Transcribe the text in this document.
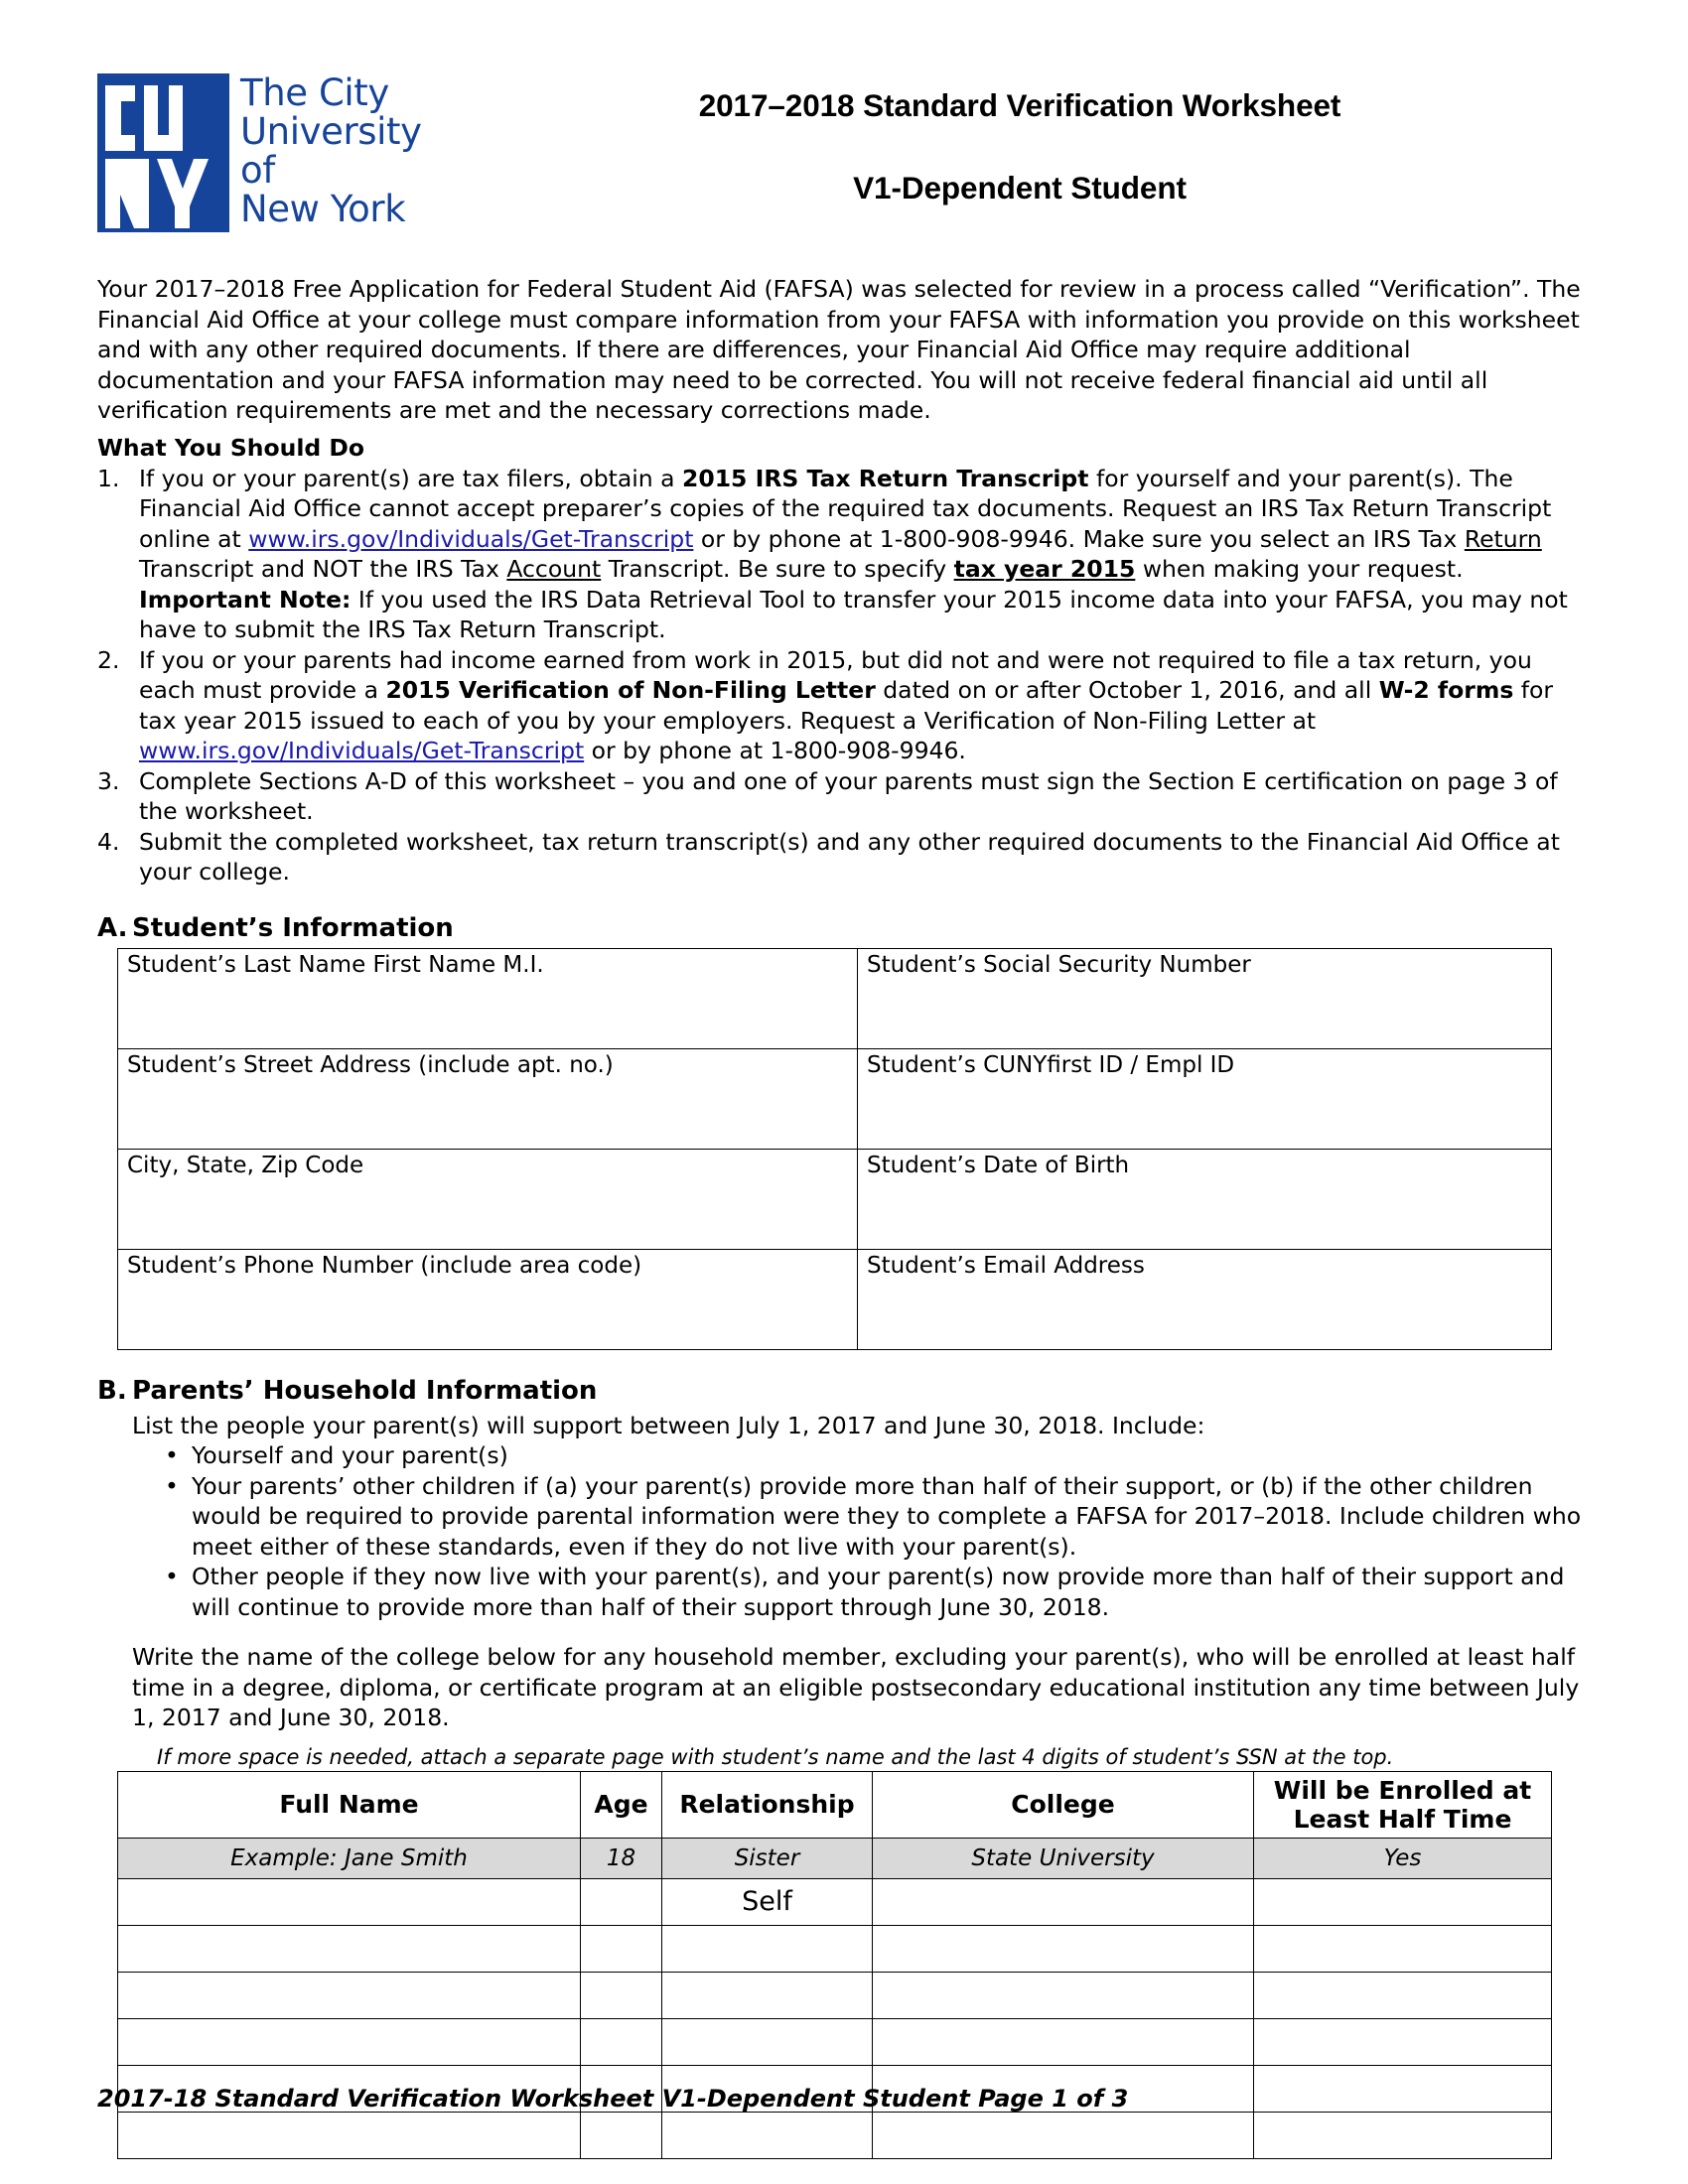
The City
University
of
New York
2017–2018 Standard Verification Worksheet
V1-Dependent Student

Your 2017–2018 Free Application for Federal Student Aid (FAFSA) was selected for review in a process called “Verification”. The Financial Aid Office at your college must compare information from your FAFSA with information you provide on this worksheet and with any other required documents. If there are differences, your Financial Aid Office may require additional documentation and your FAFSA information may need to be corrected. You will not receive federal financial aid until all verification requirements are met and the necessary corrections made.

What You Should Do
1. If you or your parent(s) are tax filers, obtain a 2015 IRS Tax Return Transcript for yourself and your parent(s). The Financial Aid Office cannot accept preparer’s copies of the required tax documents. Request an IRS Tax Return Transcript online at www.irs.gov/Individuals/Get-Transcript or by phone at 1-800-908-9946. Make sure you select an IRS Tax Return Transcript and NOT the IRS Tax Account Transcript. Be sure to specify tax year 2015 when making your request. Important Note: If you used the IRS Data Retrieval Tool to transfer your 2015 income data into your FAFSA, you may not have to submit the IRS Tax Return Transcript.
2. If you or your parents had income earned from work in 2015, but did not and were not required to file a tax return, you each must provide a 2015 Verification of Non-Filing Letter dated on or after October 1, 2016, and all W-2 forms for tax year 2015 issued to each of you by your employers. Request a Verification of Non-Filing Letter at www.irs.gov/Individuals/Get-Transcript or by phone at 1-800-908-9946.
3. Complete Sections A-D of this worksheet – you and one of your parents must sign the Section E certification on page 3 of the worksheet.
4. Submit the completed worksheet, tax return transcript(s) and any other required documents to the Financial Aid Office at your college.
A. Student’s Information
Student’s Last Name First Name M.I.	Student’s Social Security Number

Student’s Street Address (include apt. no.)	Student’s CUNYfirst ID / Empl ID

City, State, Zip Code	Student’s Date of Birth

Student’s Phone Number (include area code)	Student’s Email Address

B. Parents’ Household Information
List the people your parent(s) will support between July 1, 2017 and June 30, 2018. Include:
• Yourself and your parent(s)
• Your parents’ other children if (a) your parent(s) provide more than half of their support, or (b) if the other children would be required to provide parental information were they to complete a FAFSA for 2017–2018. Include children who meet either of these standards, even if they do not live with your parent(s).
• Other people if they now live with your parent(s), and your parent(s) now provide more than half of their support and will continue to provide more than half of their support through June 30, 2018.
Write the name of the college below for any household member, excluding your parent(s), who will be enrolled at least half time in a degree, diploma, or certificate program at an eligible postsecondary educational institution any time between July 1, 2017 and June 30, 2018.
If more space is needed, attach a separate page with student’s name and the last 4 digits of student’s SSN at the top.
Full Name	Age	Relationship	College	Will be Enrolled at Least Half Time
Example: Jane Smith	18	Sister	State University	Yes
		Self		

2017-18 Standard Verification Worksheet V1-Dependent Student Page 1 of 3
